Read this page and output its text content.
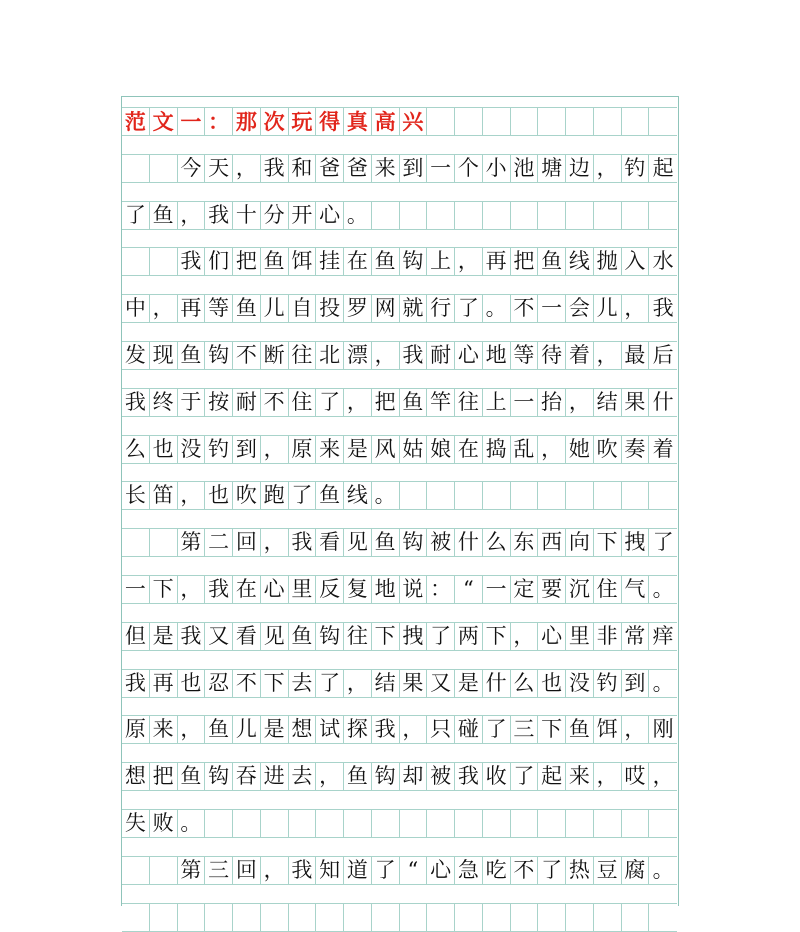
范 文 一 ： 那 次 玩 得 真 高 兴
今 天 ， 我 和 爸 爸 来 到 一 个 小 池 塘 边 ， 钓 起
了 鱼 ， 我 十 分 开 心 。
我 们 把 鱼 饵 挂 在 鱼 钩 上 ， 再 把 鱼 线 抛 入 水
中 ， 再 等 鱼 儿 自 投 罗 网 就 行 了 。 不 一 会 儿 ， 我
发 现 鱼 钩 不 断 往 北 漂 ， 我 耐 心 地 等 待 着 ， 最 后
我 终 于 按 耐 不 住 了 ， 把 鱼 竿 往 上 一 抬 ， 结 果 什
么 也 没 钓 到 ， 原 来 是 风 姑 娘 在 捣 乱 ， 她 吹 奏 着
长 笛 ， 也 吹 跑 了 鱼 线 。
第 二 回 ， 我 看 见 鱼 钩 被 什 么 东 西 向 下 拽 了
一 下 ， 我 在 心 里 反 复 地 说 ： “ 一 定 要 沉 住 气 。
但 是 我 又 看 见 鱼 钩 往 下 拽 了 两 下 ， 心 里 非 常 痒
我 再 也 忍 不 下 去 了 ， 结 果 又 是 什 么 也 没 钓 到 。
原 来 ， 鱼 儿 是 想 试 探 我 ， 只 碰 了 三 下 鱼 饵 ， 刚
想 把 鱼 钩 吞 进 去 ， 鱼 钩 却 被 我 收 了 起 来 ， 哎 ，
失 败 。
第 三 回 ， 我 知 道 了 “ 心 急 吃 不 了 热 豆 腐 。
